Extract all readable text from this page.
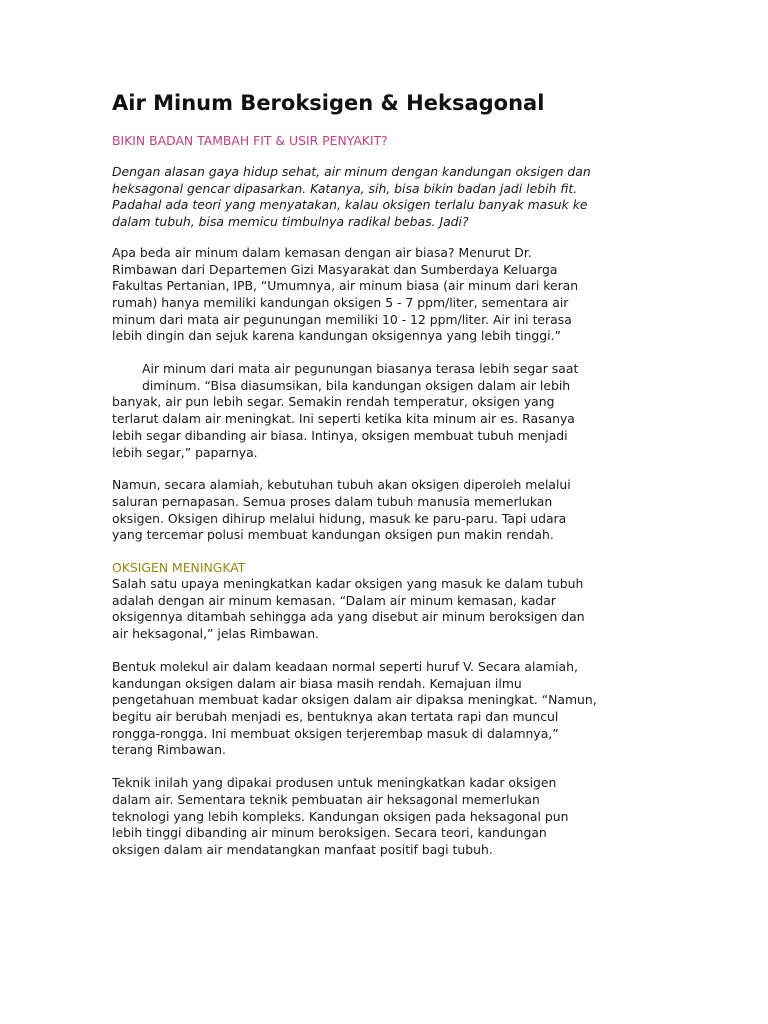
Air Minum Beroksigen & Heksagonal
BIKIN BADAN TAMBAH FIT & USIR PENYAKIT?

Dengan alasan gaya hidup sehat, air minum dengan kandungan oksigen dan
heksagonal gencar dipasarkan. Katanya, sih, bisa bikin badan jadi lebih fit.
Padahal ada teori yang menyatakan, kalau oksigen terlalu banyak masuk ke
dalam tubuh, bisa memicu timbulnya radikal bebas. Jadi?

Apa beda air minum dalam kemasan dengan air biasa? Menurut Dr.
Rimbawan dari Departemen Gizi Masyarakat dan Sumberdaya Keluarga
Fakultas Pertanian, IPB, “Umumnya, air minum biasa (air minum dari keran
rumah) hanya memiliki kandungan oksigen 5 - 7 ppm/liter, sementara air
minum dari mata air pegunungan memiliki 10 - 12 ppm/liter. Air ini terasa
lebih dingin dan sejuk karena kandungan oksigennya yang lebih tinggi.”

Air minum dari mata air pegunungan biasanya terasa lebih segar saat
diminum. “Bisa diasumsikan, bila kandungan oksigen dalam air lebih
banyak, air pun lebih segar. Semakin rendah temperatur, oksigen yang
terlarut dalam air meningkat. Ini seperti ketika kita minum air es. Rasanya
lebih segar dibanding air biasa. Intinya, oksigen membuat tubuh menjadi
lebih segar,” paparnya.

Namun, secara alamiah, kebutuhan tubuh akan oksigen diperoleh melalui
saluran pernapasan. Semua proses dalam tubuh manusia memerlukan
oksigen. Oksigen dihirup melalui hidung, masuk ke paru-paru. Tapi udara
yang tercemar polusi membuat kandungan oksigen pun makin rendah.

OKSIGEN MENINGKAT

Salah satu upaya meningkatkan kadar oksigen yang masuk ke dalam tubuh
adalah dengan air minum kemasan. “Dalam air minum kemasan, kadar
oksigennya ditambah sehingga ada yang disebut air minum beroksigen dan
air heksagonal,” jelas Rimbawan.

Bentuk molekul air dalam keadaan normal seperti huruf V. Secara alamiah,
kandungan oksigen dalam air biasa masih rendah. Kemajuan ilmu
pengetahuan membuat kadar oksigen dalam air dipaksa meningkat. “Namun,
begitu air berubah menjadi es, bentuknya akan tertata rapi dan muncul
rongga-rongga. Ini membuat oksigen terjerembap masuk di dalamnya,”
terang Rimbawan.

Teknik inilah yang dipakai produsen untuk meningkatkan kadar oksigen
dalam air. Sementara teknik pembuatan air heksagonal memerlukan
teknologi yang lebih kompleks. Kandungan oksigen pada heksagonal pun
lebih tinggi dibanding air minum beroksigen. Secara teori, kandungan
oksigen dalam air mendatangkan manfaat positif bagi tubuh.
